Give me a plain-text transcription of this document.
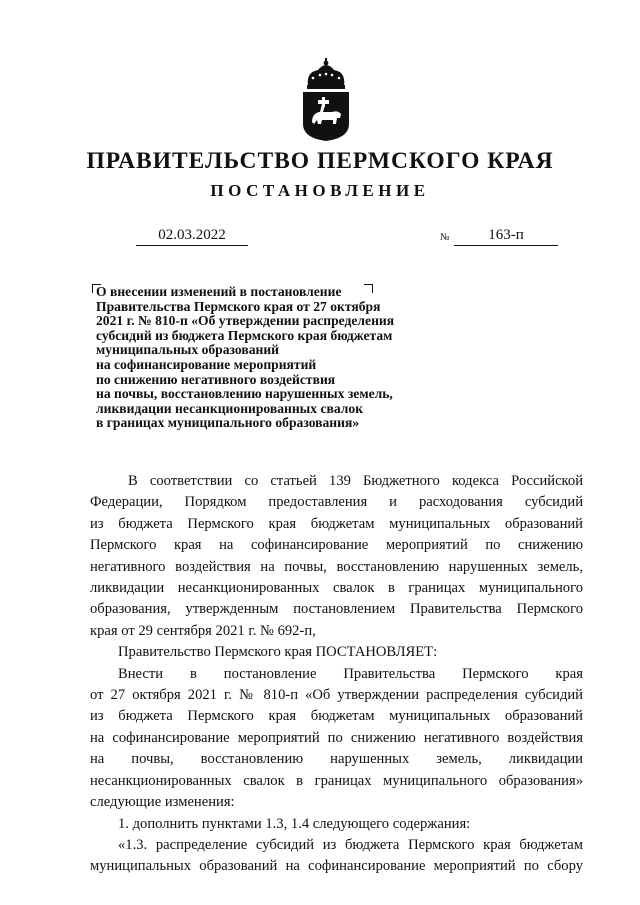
ПРАВИТЕЛЬСТВО ПЕРМСКОГО КРАЯ
ПОСТАНОВЛЕНИЕ
02.03.2022	№	163-п
О внесении изменений в постановление
Правительства Пермского края от 27 октября
2021 г. № 810-п «Об утверждении распределения
субсидий из бюджета Пермского края бюджетам
муниципальных образований
на софинансирование мероприятий
по снижению негативного воздействия
на почвы, восстановлению нарушенных земель,
ликвидации несанкционированных свалок
в границах муниципального образования»

В соответствии со статьей 139 Бюджетного кодекса Российской

Федерации, Порядком предоставления и расходования субсидий

из бюджета Пермского края бюджетам муниципальных образований

Пермского края на софинансирование мероприятий по снижению

негативного воздействия на почвы, восстановлению нарушенных земель,

ликвидации несанкционированных свалок в границах муниципального

образования, утвержденным постановлением Правительства Пермского

края от 29 сентября 2021 г. № 692-п,

Правительство Пермского края ПОСТАНОВЛЯЕТ:

Внести в постановление Правительства Пермского края

от 27 октября 2021 г. № 810-п «Об утверждении распределения субсидий

из бюджета Пермского края бюджетам муниципальных образований

на софинансирование мероприятий по снижению негативного воздействия

на почвы, восстановлению нарушенных земель, ликвидации

несанкционированных свалок в границах муниципального образования»

следующие изменения:

1. дополнить пунктами 1.3, 1.4 следующего содержания:

«1.3. распределение субсидий из бюджета Пермского края бюджетам

муниципальных образований на софинансирование мероприятий по сбору
